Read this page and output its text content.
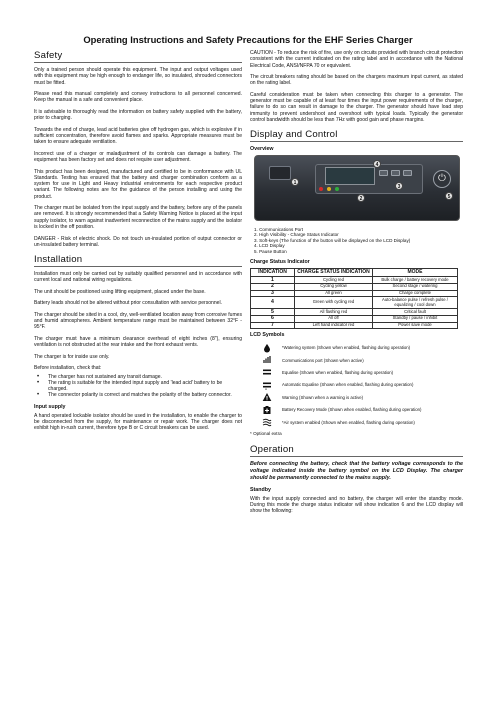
Operating Instructions and Safety Precautions for the EHF Series Charger
Safety

Only a trained person should operate this equipment. The input and output voltages used with this equipment may be high enough to endanger life, so insulated, shrouded connectors must be fitted.

Please read this manual completely and convey instructions to all personnel concerned. Keep the manual in a safe and convenient place.

It is advisable to thoroughly read the information on battery safety supplied with the battery, prior to charging.

Towards the end of charge, lead acid batteries give off hydrogen gas, which is explosive if in sufficient concentration, therefore avoid flames and sparks. Appropriate measures must be taken to ensure adequate ventilation.

Incorrect use of a charger or maladjustment of its controls can damage a battery. The equipment has been factory set and does not require user adjustment.

This product has been designed, manufactured and certified to be in conformance with UL Standards. Testing has ensured that the battery and charger combination conform as a system for use in Light and Heavy industrial environments for each respective product variant. The following notes are for the guidance of the person installing and using the product.

The charger must be isolated from the input supply and the battery, before any of the panels are removed. It is strongly recommended that a Safety Warning Notice is placed at the input supply isolator, to warn against inadvertent reconnection of the mains supply and the isolator is locked in the off position.

DANGER - Risk of electric shock. Do not touch un-insulated portion of output connector or un-insulated battery terminal.

Installation

Installation must only be carried out by suitably qualified personnel and in accordance with current local and national wiring regulations.

The unit should be positioned using lifting equipment, placed under the base.

Battery leads should not be altered without prior consultation with service personnel.

The charger should be sited in a cool, dry, well-ventilated location away from corrosive fumes and humid atmospheres. Ambient temperature range must be maintained between 32°F - 95°F.

The charger must have a minimum clearance overhead of eight inches (8"), ensuring ventilation is not obstructed at the rear intake and the front exhaust vents.

The charger is for inside use only.

Before installation, check that:

• The charger has not sustained any transit damage.
• The rating is suitable for the intended input supply and 'lead acid' battery to be charged.
• The connector polarity is correct and matches the polarity of the battery connector.
Input supply

A hand operated lockable isolator should be used in the installation, to enable the charger to be disconnected from the supply, for maintenance or repair work. The charger does not exhibit high in-rush current, therefore type B or C circuit breakers can be used.

CAUTION - To reduce the risk of fire, use only on circuits provided with branch circuit protection consistent with the current indicated on the rating label and in accordance with the National Electrical Code, ANSI/NFPA 70 or equivalent.

The circuit breakers rating should be based on the chargers maximum input current, as stated on the rating label.

Careful consideration must be taken when connecting this charger to a generator. The generator must be capable of at least four times the input power requirements of the charger, failure to do so can result in damage to the charger. The generator should have load step immunity to prevent undershoot and overshoot with typical loads. Typically the generator control bandwidth should be less than 7Hz with good gain and phase margins.

Display and Control
Overview
⏻
1
2
3
4
5
1. Communications Port
2. High Visibility - Charge Status Indicator
3. Soft-keys (The function of the button will be displayed on the LCD Display)
4. LCD Display
5. Pause Button
Charge Status Indicator
INDICATION	CHARGE STATUS INDICATION	MODE
1	Cycling red	Bulk charge / battery recovery mode
2	Cycling yellow	Second stage / watering
3	All green	Charge complete
4	Green with cycling red	Auto-balance pulse / refresh pulse / equalizing / cool down
5	All flashing red	Critical fault
6	All off	Standby / pause / inhibit
7	Left hand indicator red	Power save mode
LCD Symbols
*Watering system (Shown when enabled, flashing during operation)
Communications port (Shown when active)
Equalise (Shown when enabled, flashing during operation)
A
Automatic Equalise (Shown when enabled, flashing during operation)
Warning (Shown when a warning is active)
Battery Recovery Mode (Shown when enabled, flashing during operation)
*Air system enabled (Shown when enabled, flashing during operation)
* Optional extra
Operation

Before connecting the battery, check that the battery voltage corresponds to the voltage indicated inside the battery symbol on the LCD Display. The charger should be permanently connected to the mains supply.

Standby

With the input supply connected and no battery, the charger will enter the standby mode. During this mode the charge status indicator will show indication 6 and the LCD display will show the following:
